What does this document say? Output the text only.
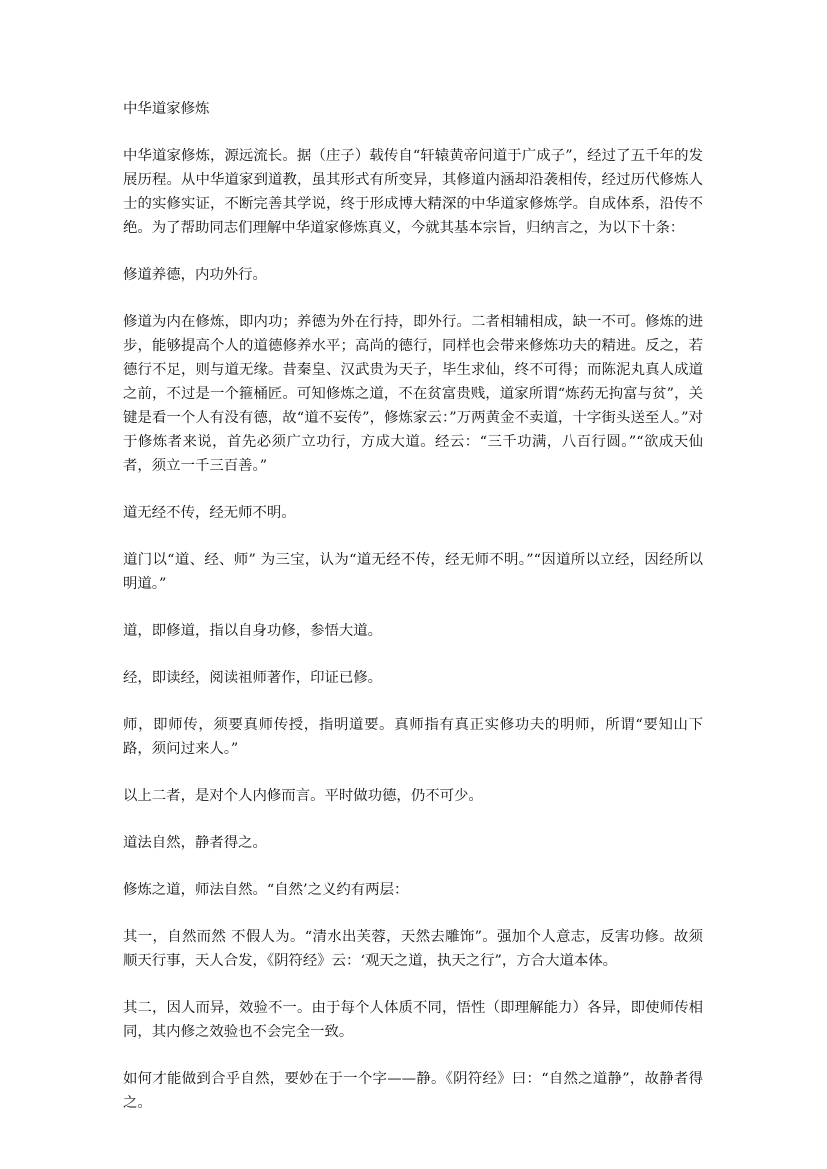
中华道家修炼

中华道家修炼，源远流长。据（庄子）载传自“轩辕黄帝问道于广成子”，经过了五千年的发展历程。从中华道家到道教，虽其形式有所变异，其修道内涵却沿袭相传，经过历代修炼人士的实修实证，不断完善其学说，终于形成博大精深的中华道家修炼学。自成体系，沿传不绝。为了帮助同志们理解中华道家修炼真义，今就其基本宗旨，归纳言之，为以下十条：

修道养德，内功外行。

修道为内在修炼，即内功；养德为外在行持，即外行。二者相辅相成，缺一不可。修炼的进步，能够提高个人的道德修养水平；高尚的德行，同样也会带来修炼功夫的精进。反之，若德行不足，则与道无缘。昔秦皇、汉武贵为天子，毕生求仙，终不可得；而陈泥丸真人成道之前，不过是一个箍桶匠。可知修炼之道，不在贫富贵贱，道家所谓“炼药无拘富与贫”，关键是看一个人有没有德，故“道不妄传”，修炼家云：”万两黄金不卖道，十字街头送至人。”对于修炼者来说，首先必须广立功行，方成大道。经云：“三千功满，八百行圆。”“欲成天仙者，须立一千三百善。”

道无经不传，经无师不明。

道门以“道、经、师” 为三宝，认为“道无经不传，经无师不明。”“因道所以立经，因经所以明道。”

道，即修道，指以自身功修，参悟大道。

经，即读经，阅读祖师著作，印证已修。

师，即师传，须要真师传授，指明道要。真师指有真正实修功夫的明师，所谓“要知山下路，须问过来人。”

以上二者，是对个人内修而言。平时做功德，仍不可少。

道法自然，静者得之。

修炼之道，师法自然。“自然’之义约有两层：

其一，自然而然 不假人为。“清水出芙蓉，天然去雕饰”。强加个人意志，反害功修。故须顺天行事，天人合发，《阴符经》云：‘观天之道，执天之行”，方合大道本体。

其二，因人而异，效验不一。由于每个人体质不同，悟性（即理解能力）各异，即使师传相同，其内修之效验也不会完全一致。

如何才能做到合乎自然，要妙在于一个字——静。《阴符经》曰：“自然之道静”，故静者得之。
